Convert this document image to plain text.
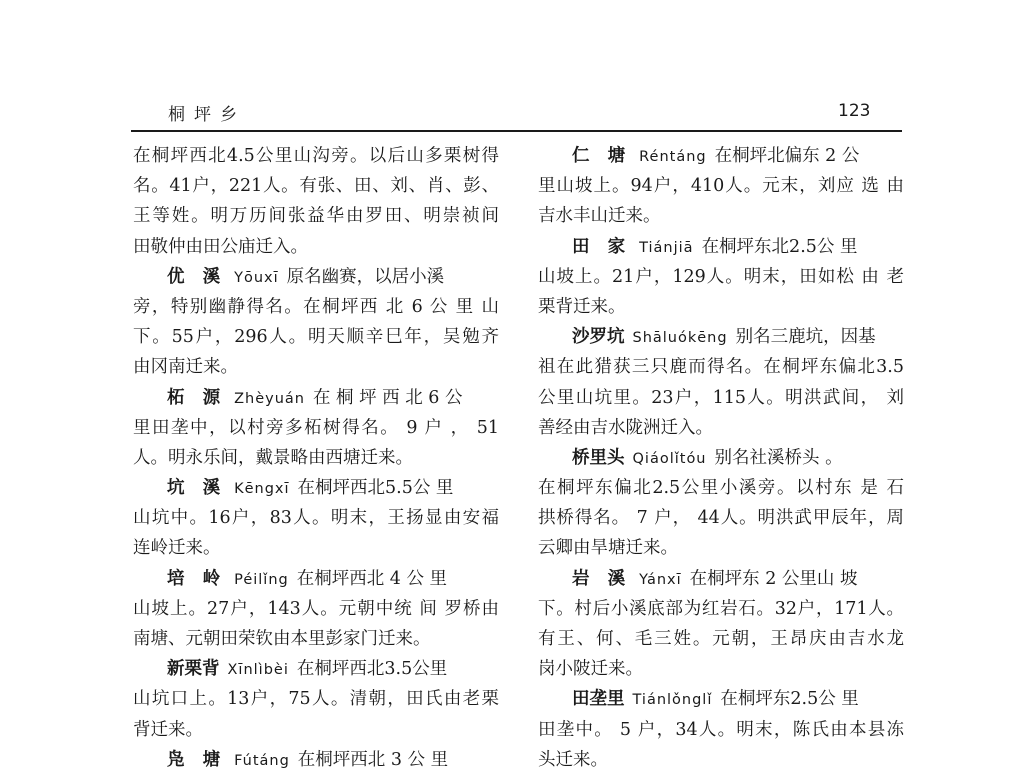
桐坪乡	123
在桐坪西北4.5公里山沟旁。以后山多栗树得
名。41户，221人。有张、田、刘、肖、彭、
王等姓。明万历间张益华由罗田、明崇祯间
田敬仲由田公庙迁入。
优 溪 Yōuxī 原名幽赛，以居小溪
旁，特别幽静得名。在桐坪西 北 6 公 里 山
下。55户，296人。明天顺辛巳年，吴勉齐
由冈南迁来。
柘 源 Zhèyuán 在 桐 坪 西 北 6 公
里田垄中，以村旁多柘树得名。 9 户 ， 51
人。明永乐间，戴景略由西塘迁来。
坑 溪 Kēngxī 在桐坪西北5.5公 里
山坑中。16户，83人。明末，王扬显由安福
连岭迁来。
培 岭 Péilǐng 在桐坪西北 4 公 里
山坡上。27户，143人。元朝中统 间 罗桥由
南塘、元朝田荣钦由本里彭家门迁来。
新栗背 Xīnlìbèi 在桐坪西北3.5公里
山坑口上。13户，75人。清朝，田氏由老栗
背迁来。
凫 塘 Fútáng 在桐坪西北 3 公 里
仁 塘 Réntáng 在桐坪北偏东 2 公
里山坡上。94户，410人。元末，刘应 选 由
吉水丰山迁来。
田 家 Tiánjiā 在桐坪东北2.5公 里
山坡上。21户，129人。明末，田如松 由 老
栗背迁来。
沙罗坑 Shāluókēng 别名三鹿坑，因基
祖在此猎获三只鹿而得名。在桐坪东偏北3.5
公里山坑里。23户，115人。明洪武间， 刘
善经由吉水陇洲迁入。
桥里头 Qiáolǐtóu 别名社溪桥头 。
在桐坪东偏北2.5公里小溪旁。以村东 是 石
拱桥得名。 7 户， 44人。明洪武甲辰年，周
云卿由旱塘迁来。
岩 溪 Yánxī 在桐坪东 2 公里山 坡
下。村后小溪底部为红岩石。32户，171人。
有王、何、毛三姓。元朝，王昂庆由吉水龙
岗小陂迁来。
田垄里 Tiánlǒnglǐ 在桐坪东2.5公 里
田垄中。 5 户，34人。明末，陈氏由本县冻
头迁来。
